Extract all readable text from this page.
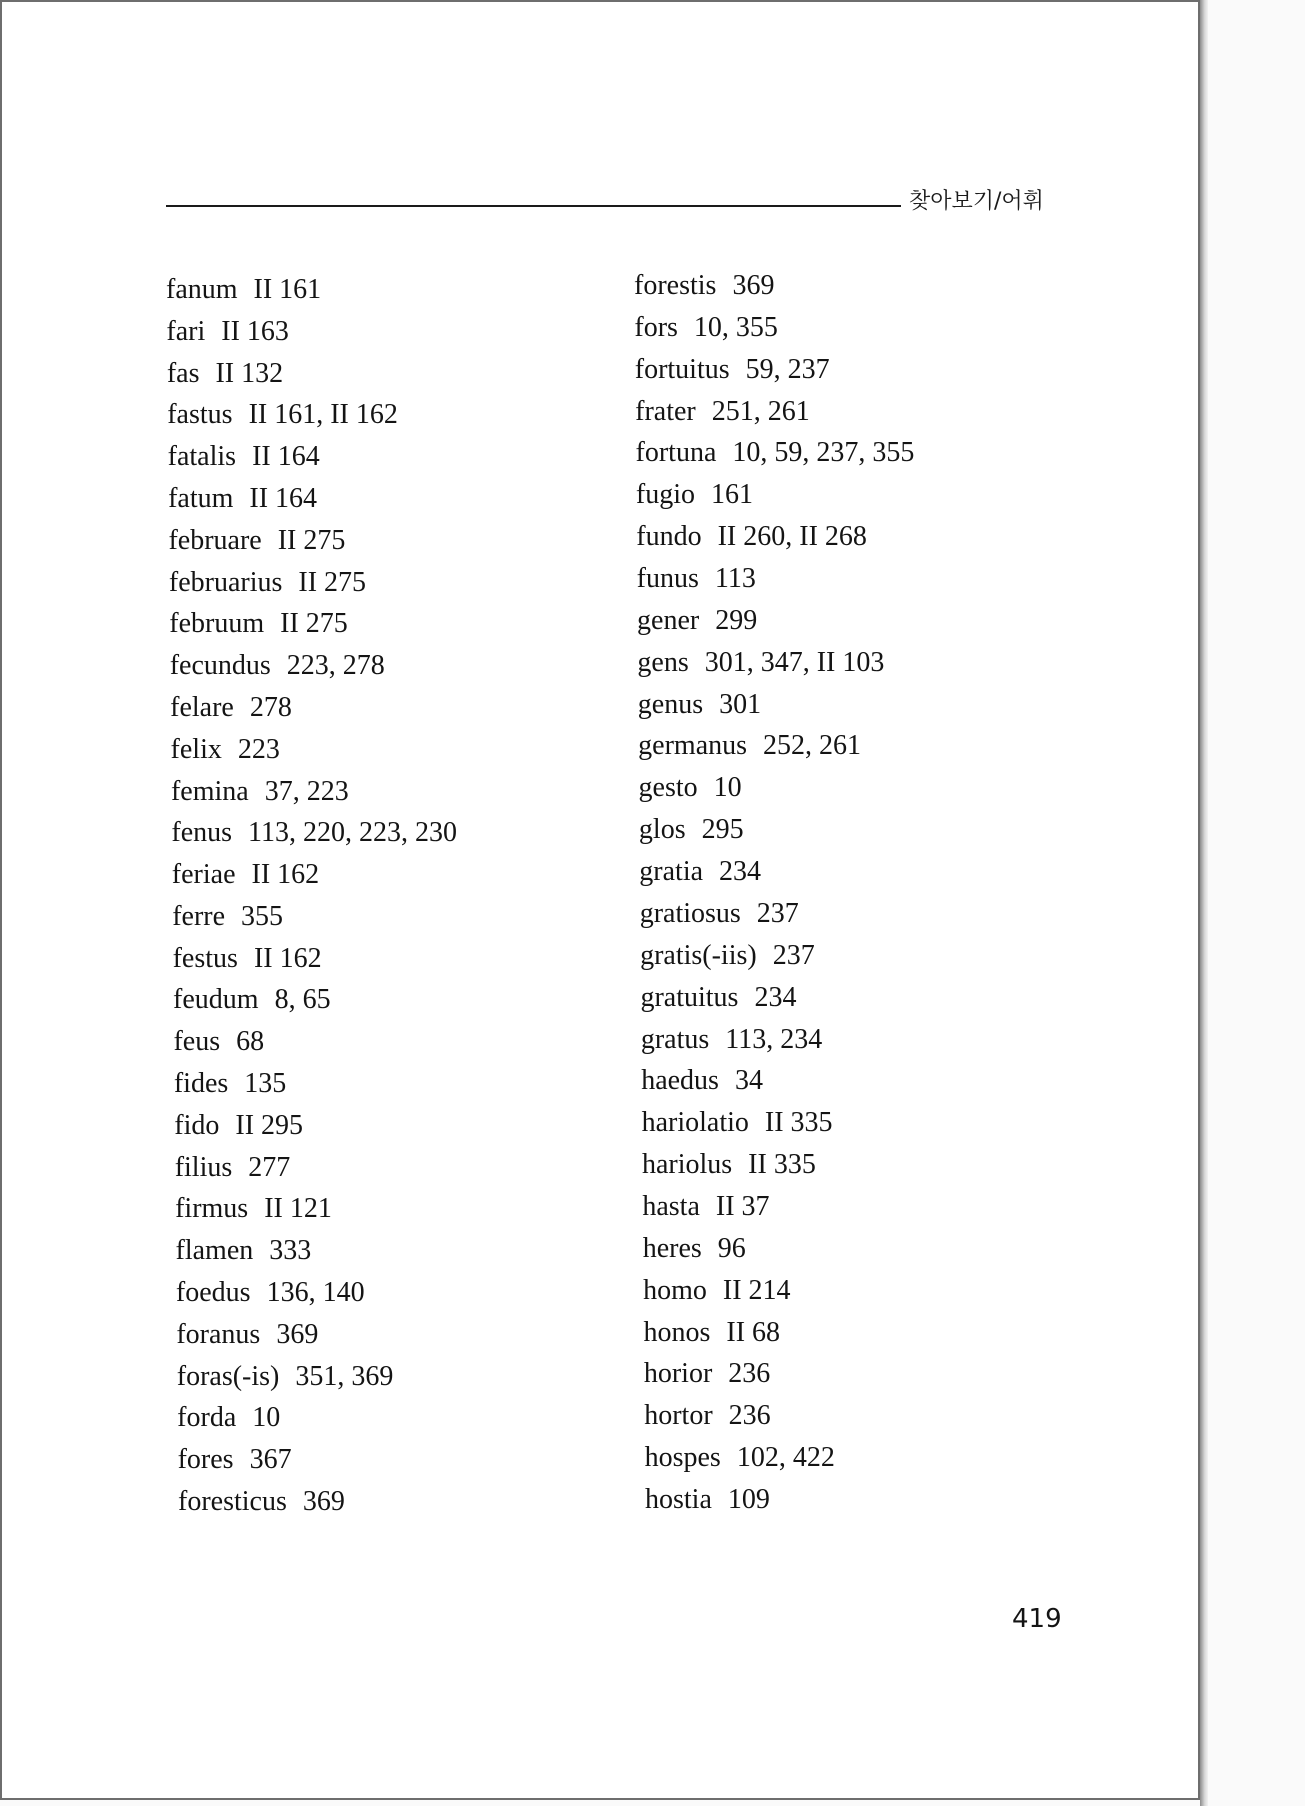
찾아보기/어휘
fanum II 161
fari II 163
fas II 132
fastus II 161, II 162
fatalis II 164
fatum II 164
februare II 275
februarius II 275
februum II 275
fecundus 223, 278
felare 278
felix 223
femina 37, 223
fenus 113, 220, 223, 230
feriae II 162
ferre 355
festus II 162
feudum 8, 65
feus 68
fides 135
fido II 295
filius 277
firmus II 121
flamen 333
foedus 136, 140
foranus 369
foras(-is) 351, 369
forda 10
fores 367
foresticus 369
forestis 369
fors 10, 355
fortuitus 59, 237
frater 251, 261
fortuna 10, 59, 237, 355
fugio 161
fundo II 260, II 268
funus 113
gener 299
gens 301, 347, II 103
genus 301
germanus 252, 261
gesto 10
glos 295
gratia 234
gratiosus 237
gratis(-iis) 237
gratuitus 234
gratus 113, 234
haedus 34
hariolatio II 335
hariolus II 335
hasta II 37
heres 96
homo II 214
honos II 68
horior 236
hortor 236
hospes 102, 422
hostia 109
419
